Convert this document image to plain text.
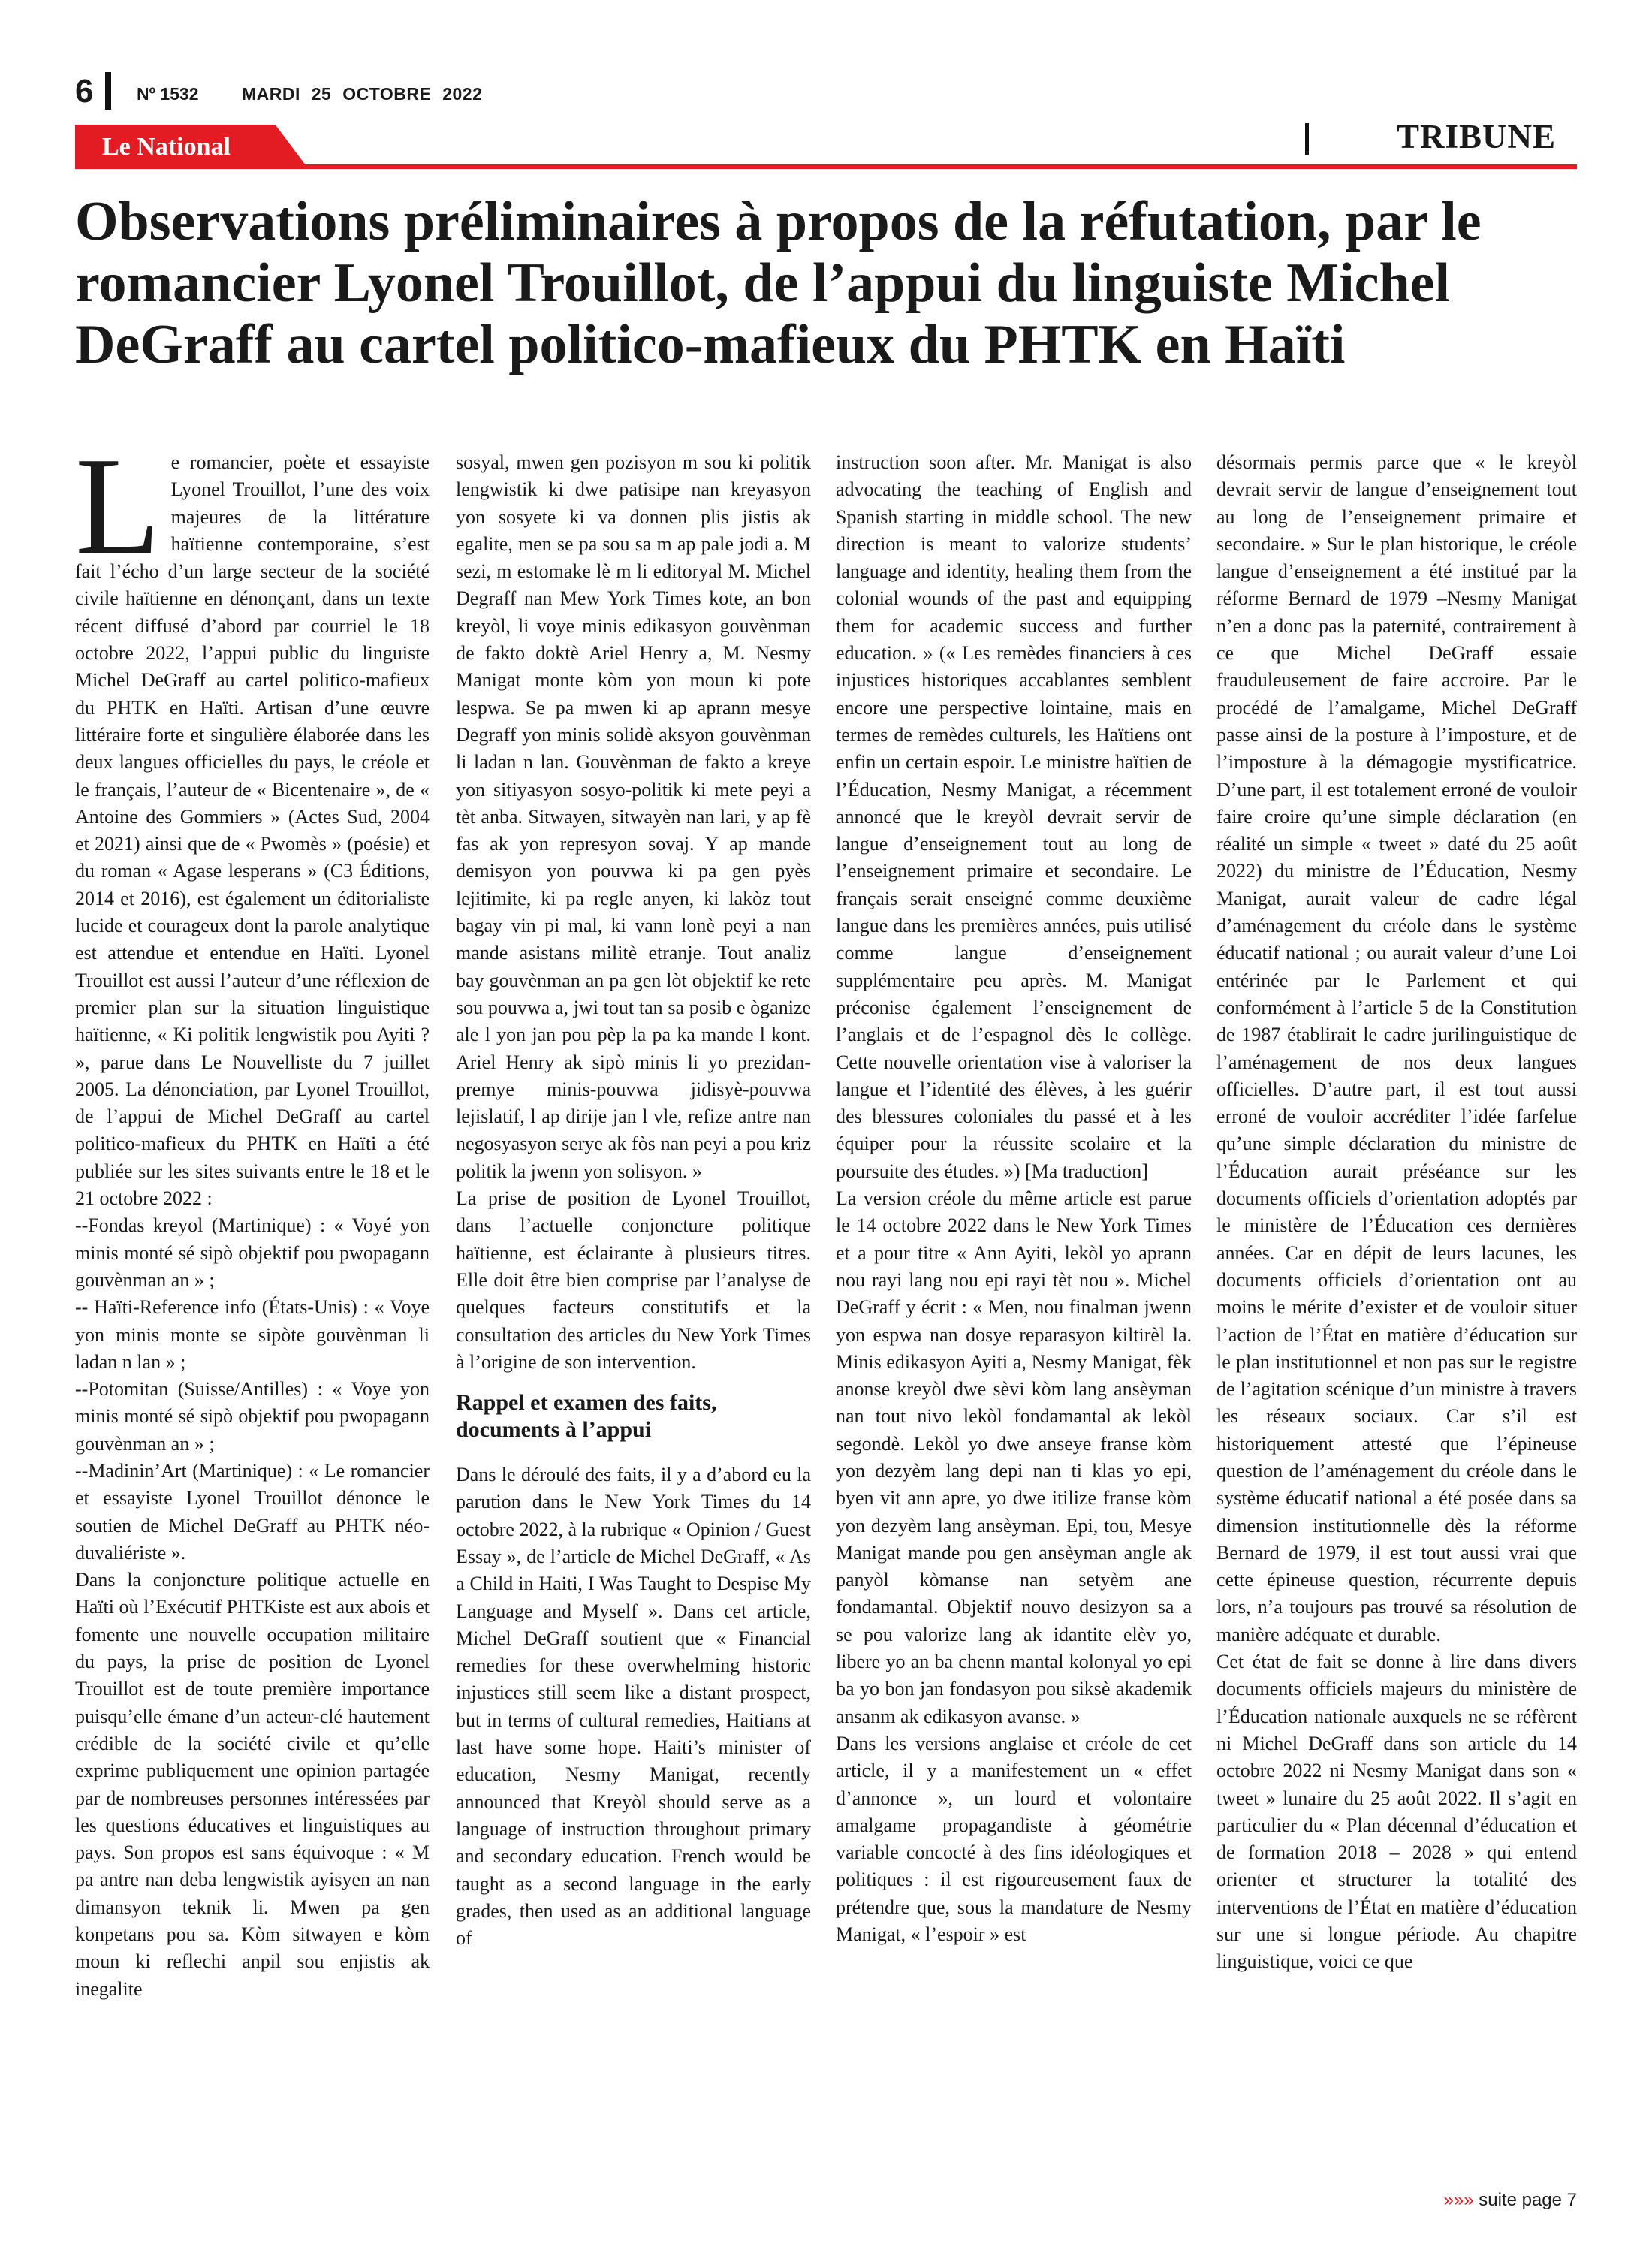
6	Nº 1532 MARDI 25 OCTOBRE 2022
Le National	TRIBUNE
Observations préliminaires à propos de la réfutation, par le romancier Lyonel Trouillot, de l’appui du linguiste Michel DeGraff au cartel politico-mafieux du PHTK en Haïti

Le romancier, poète et essayiste Lyonel Trouillot, l’une des voix majeures de la littérature haïtienne contemporaine, s’est fait l’écho d’un large secteur de la société civile haïtienne en dénonçant, dans un texte récent diffusé d’abord par courriel le 18 octobre 2022, l’appui public du linguiste Michel DeGraff au cartel politico-mafieux du PHTK en Haïti. Artisan d’une œuvre littéraire forte et singulière élaborée dans les deux langues officielles du pays, le créole et le français, l’auteur de « Bicentenaire », de « Antoine des Gommiers » (Actes Sud, 2004 et 2021) ainsi que de « Pwomès » (poésie) et du roman « Agase lesperans » (C3 Éditions, 2014 et 2016), est également un éditorialiste lucide et courageux dont la parole analytique est attendue et entendue en Haïti. Lyonel Trouillot est aussi l’auteur d’une réflexion de premier plan sur la situation linguistique haïtienne, « Ki politik lengwistik pou Ayiti ? », parue dans Le Nouvelliste du 7 juillet 2005. La dénonciation, par Lyonel Trouillot, de l’appui de Michel DeGraff au cartel politico-mafieux du PHTK en Haïti a été publiée sur les sites suivants entre le 18 et le 21 octobre 2022 :

--Fondas kreyol (Martinique) : « Voyé yon minis monté sé sipò objektif pou pwopagann gouvènman an » ;

-- Haïti-Reference info (États-Unis) : « Voye yon minis monte se sipòte gouvènman li ladan n lan » ;

--Potomitan (Suisse/Antilles) : « Voye yon minis monté sé sipò objektif pou pwopagann gouvènman an » ;

--Madinin’Art (Martinique) : « Le romancier et essayiste Lyonel Trouillot dénonce le soutien de Michel DeGraff au PHTK néo-duvaliériste ».

Dans la conjoncture politique actuelle en Haïti où l’Exécutif PHTKiste est aux abois et fomente une nouvelle occupation militaire du pays, la prise de position de Lyonel Trouillot est de toute première importance puisqu’elle émane d’un acteur-clé hautement crédible de la société civile et qu’elle exprime publiquement une opinion partagée par de nombreuses personnes intéressées par les questions éducatives et linguistiques au pays. Son propos est sans équivoque : « M pa antre nan deba lengwistik ayisyen an nan dimansyon teknik li. Mwen pa gen konpetans pou sa. Kòm sitwayen e kòm moun ki reflechi anpil sou enjistis ak inegalite

sosyal, mwen gen pozisyon m sou ki politik lengwistik ki dwe patisipe nan kreyasyon yon sosyete ki va donnen plis jistis ak egalite, men se pa sou sa m ap pale jodi a. M sezi, m estomake lè m li editoryal M. Michel Degraff nan Mew York Times kote, an bon kreyòl, li voye minis edikasyon gouvènman de fakto doktè Ariel Henry a, M. Nesmy Manigat monte kòm yon moun ki pote lespwa. Se pa mwen ki ap aprann mesye Degraff yon minis solidè aksyon gouvènman li ladan n lan. Gouvènman de fakto a kreye yon sitiyasyon sosyo-politik ki mete peyi a tèt anba. Sitwayen, sitwayèn nan lari, y ap fè fas ak yon represyon sovaj. Y ap mande demisyon yon pouvwa ki pa gen pyès lejitimite, ki pa regle anyen, ki lakòz tout bagay vin pi mal, ki vann lonè peyi a nan mande asistans militè etranje. Tout analiz bay gouvènman an pa gen lòt objektif ke rete sou pouvwa a, jwi tout tan sa posib e òganize ale l yon jan pou pèp la pa ka mande l kont. Ariel Henry ak sipò minis li yo prezidan-premye minis-pouvwa jidisyè-pouvwa lejislatif, l ap dirije jan l vle, refize antre nan negosyasyon serye ak fòs nan peyi a pou kriz politik la jwenn yon solisyon. »

La prise de position de Lyonel Trouillot, dans l’actuelle conjoncture politique haïtienne, est éclairante à plusieurs titres. Elle doit être bien comprise par l’analyse de quelques facteurs constitutifs et la consultation des articles du New York Times à l’origine de son intervention.

Rappel et examen des faits, documents à l’appui

Dans le déroulé des faits, il y a d’abord eu la parution dans le New York Times du 14 octobre 2022, à la rubrique « Opinion / Guest Essay », de l’article de Michel DeGraff, « As a Child in Haiti, I Was Taught to Despise My Language and Myself ». Dans cet article, Michel DeGraff soutient que « Financial remedies for these overwhelming historic injustices still seem like a distant prospect, but in terms of cultural remedies, Haitians at last have some hope. Haiti’s minister of education, Nesmy Manigat, recently announced that Kreyòl should serve as a language of instruction throughout primary and secondary education. French would be taught as a second language in the early grades, then used as an additional language of

instruction soon after. Mr. Manigat is also advocating the teaching of English and Spanish starting in middle school. The new direction is meant to valorize students’ language and identity, healing them from the colonial wounds of the past and equipping them for academic success and further education. » (« Les remèdes financiers à ces injustices historiques accablantes semblent encore une perspective lointaine, mais en termes de remèdes culturels, les Haïtiens ont enfin un certain espoir. Le ministre haïtien de l’Éducation, Nesmy Manigat, a récemment annoncé que le kreyòl devrait servir de langue d’enseignement tout au long de l’enseignement primaire et secondaire. Le français serait enseigné comme deuxième langue dans les premières années, puis utilisé comme langue d’enseignement supplémentaire peu après. M. Manigat préconise également l’enseignement de l’anglais et de l’espagnol dès le collège. Cette nouvelle orientation vise à valoriser la langue et l’identité des élèves, à les guérir des blessures coloniales du passé et à les équiper pour la réussite scolaire et la poursuite des études. ») [Ma traduction]

La version créole du même article est parue le 14 octobre 2022 dans le New York Times et a pour titre « Ann Ayiti, lekòl yo aprann nou rayi lang nou epi rayi tèt nou ». Michel DeGraff y écrit : « Men, nou finalman jwenn yon espwa nan dosye reparasyon kiltirèl la. Minis edikasyon Ayiti a, Nesmy Manigat, fèk anonse kreyòl dwe sèvi kòm lang ansèyman nan tout nivo lekòl fondamantal ak lekòl segondè. Lekòl yo dwe anseye franse kòm yon dezyèm lang depi nan ti klas yo epi, byen vit ann apre, yo dwe itilize franse kòm yon dezyèm lang ansèyman. Epi, tou, Mesye Manigat mande pou gen ansèyman angle ak panyòl kòmanse nan setyèm ane fondamantal. Objektif nouvo desizyon sa a se pou valorize lang ak idantite elèv yo, libere yo an ba chenn mantal kolonyal yo epi ba yo bon jan fondasyon pou siksè akademik ansanm ak edikasyon avanse. »

Dans les versions anglaise et créole de cet article, il y a manifestement un « effet d’annonce », un lourd et volontaire amalgame propagandiste à géométrie variable concocté à des fins idéologiques et politiques : il est rigoureusement faux de prétendre que, sous la mandature de Nesmy Manigat, « l’espoir » est

désormais permis parce que « le kreyòl devrait servir de langue d’enseignement tout au long de l’enseignement primaire et secondaire. » Sur le plan historique, le créole langue d’enseignement a été institué par la réforme Bernard de 1979 –Nesmy Manigat n’en a donc pas la paternité, contrairement à ce que Michel DeGraff essaie frauduleusement de faire accroire. Par le procédé de l’amalgame, Michel DeGraff passe ainsi de la posture à l’imposture, et de l’imposture à la démagogie mystificatrice. D’une part, il est totalement erroné de vouloir faire croire qu’une simple déclaration (en réalité un simple « tweet » daté du 25 août 2022) du ministre de l’Éducation, Nesmy Manigat, aurait valeur de cadre légal d’aménagement du créole dans le système éducatif national ; ou aurait valeur d’une Loi entérinée par le Parlement et qui conformément à l’article 5 de la Constitution de 1987 établirait le cadre jurilinguistique de l’aménagement de nos deux langues officielles. D’autre part, il est tout aussi erroné de vouloir accréditer l’idée farfelue qu’une simple déclaration du ministre de l’Éducation aurait préséance sur les documents officiels d’orientation adoptés par le ministère de l’Éducation ces dernières années. Car en dépit de leurs lacunes, les documents officiels d’orientation ont au moins le mérite d’exister et de vouloir situer l’action de l’État en matière d’éducation sur le plan institutionnel et non pas sur le registre de l’agitation scénique d’un ministre à travers les réseaux sociaux. Car s’il est historiquement attesté que l’épineuse question de l’aménagement du créole dans le système éducatif national a été posée dans sa dimension institutionnelle dès la réforme Bernard de 1979, il est tout aussi vrai que cette épineuse question, récurrente depuis lors, n’a toujours pas trouvé sa résolution de manière adéquate et durable.

Cet état de fait se donne à lire dans divers documents officiels majeurs du ministère de l’Éducation nationale auxquels ne se réfèrent ni Michel DeGraff dans son article du 14 octobre 2022 ni Nesmy Manigat dans son « tweet » lunaire du 25 août 2022. Il s’agit en particulier du « Plan décennal d’éducation et de formation 2018 – 2028 » qui entend orienter et structurer la totalité des interventions de l’État en matière d’éducation sur une si longue période. Au chapitre linguistique, voici ce que

»»» suite page 7
